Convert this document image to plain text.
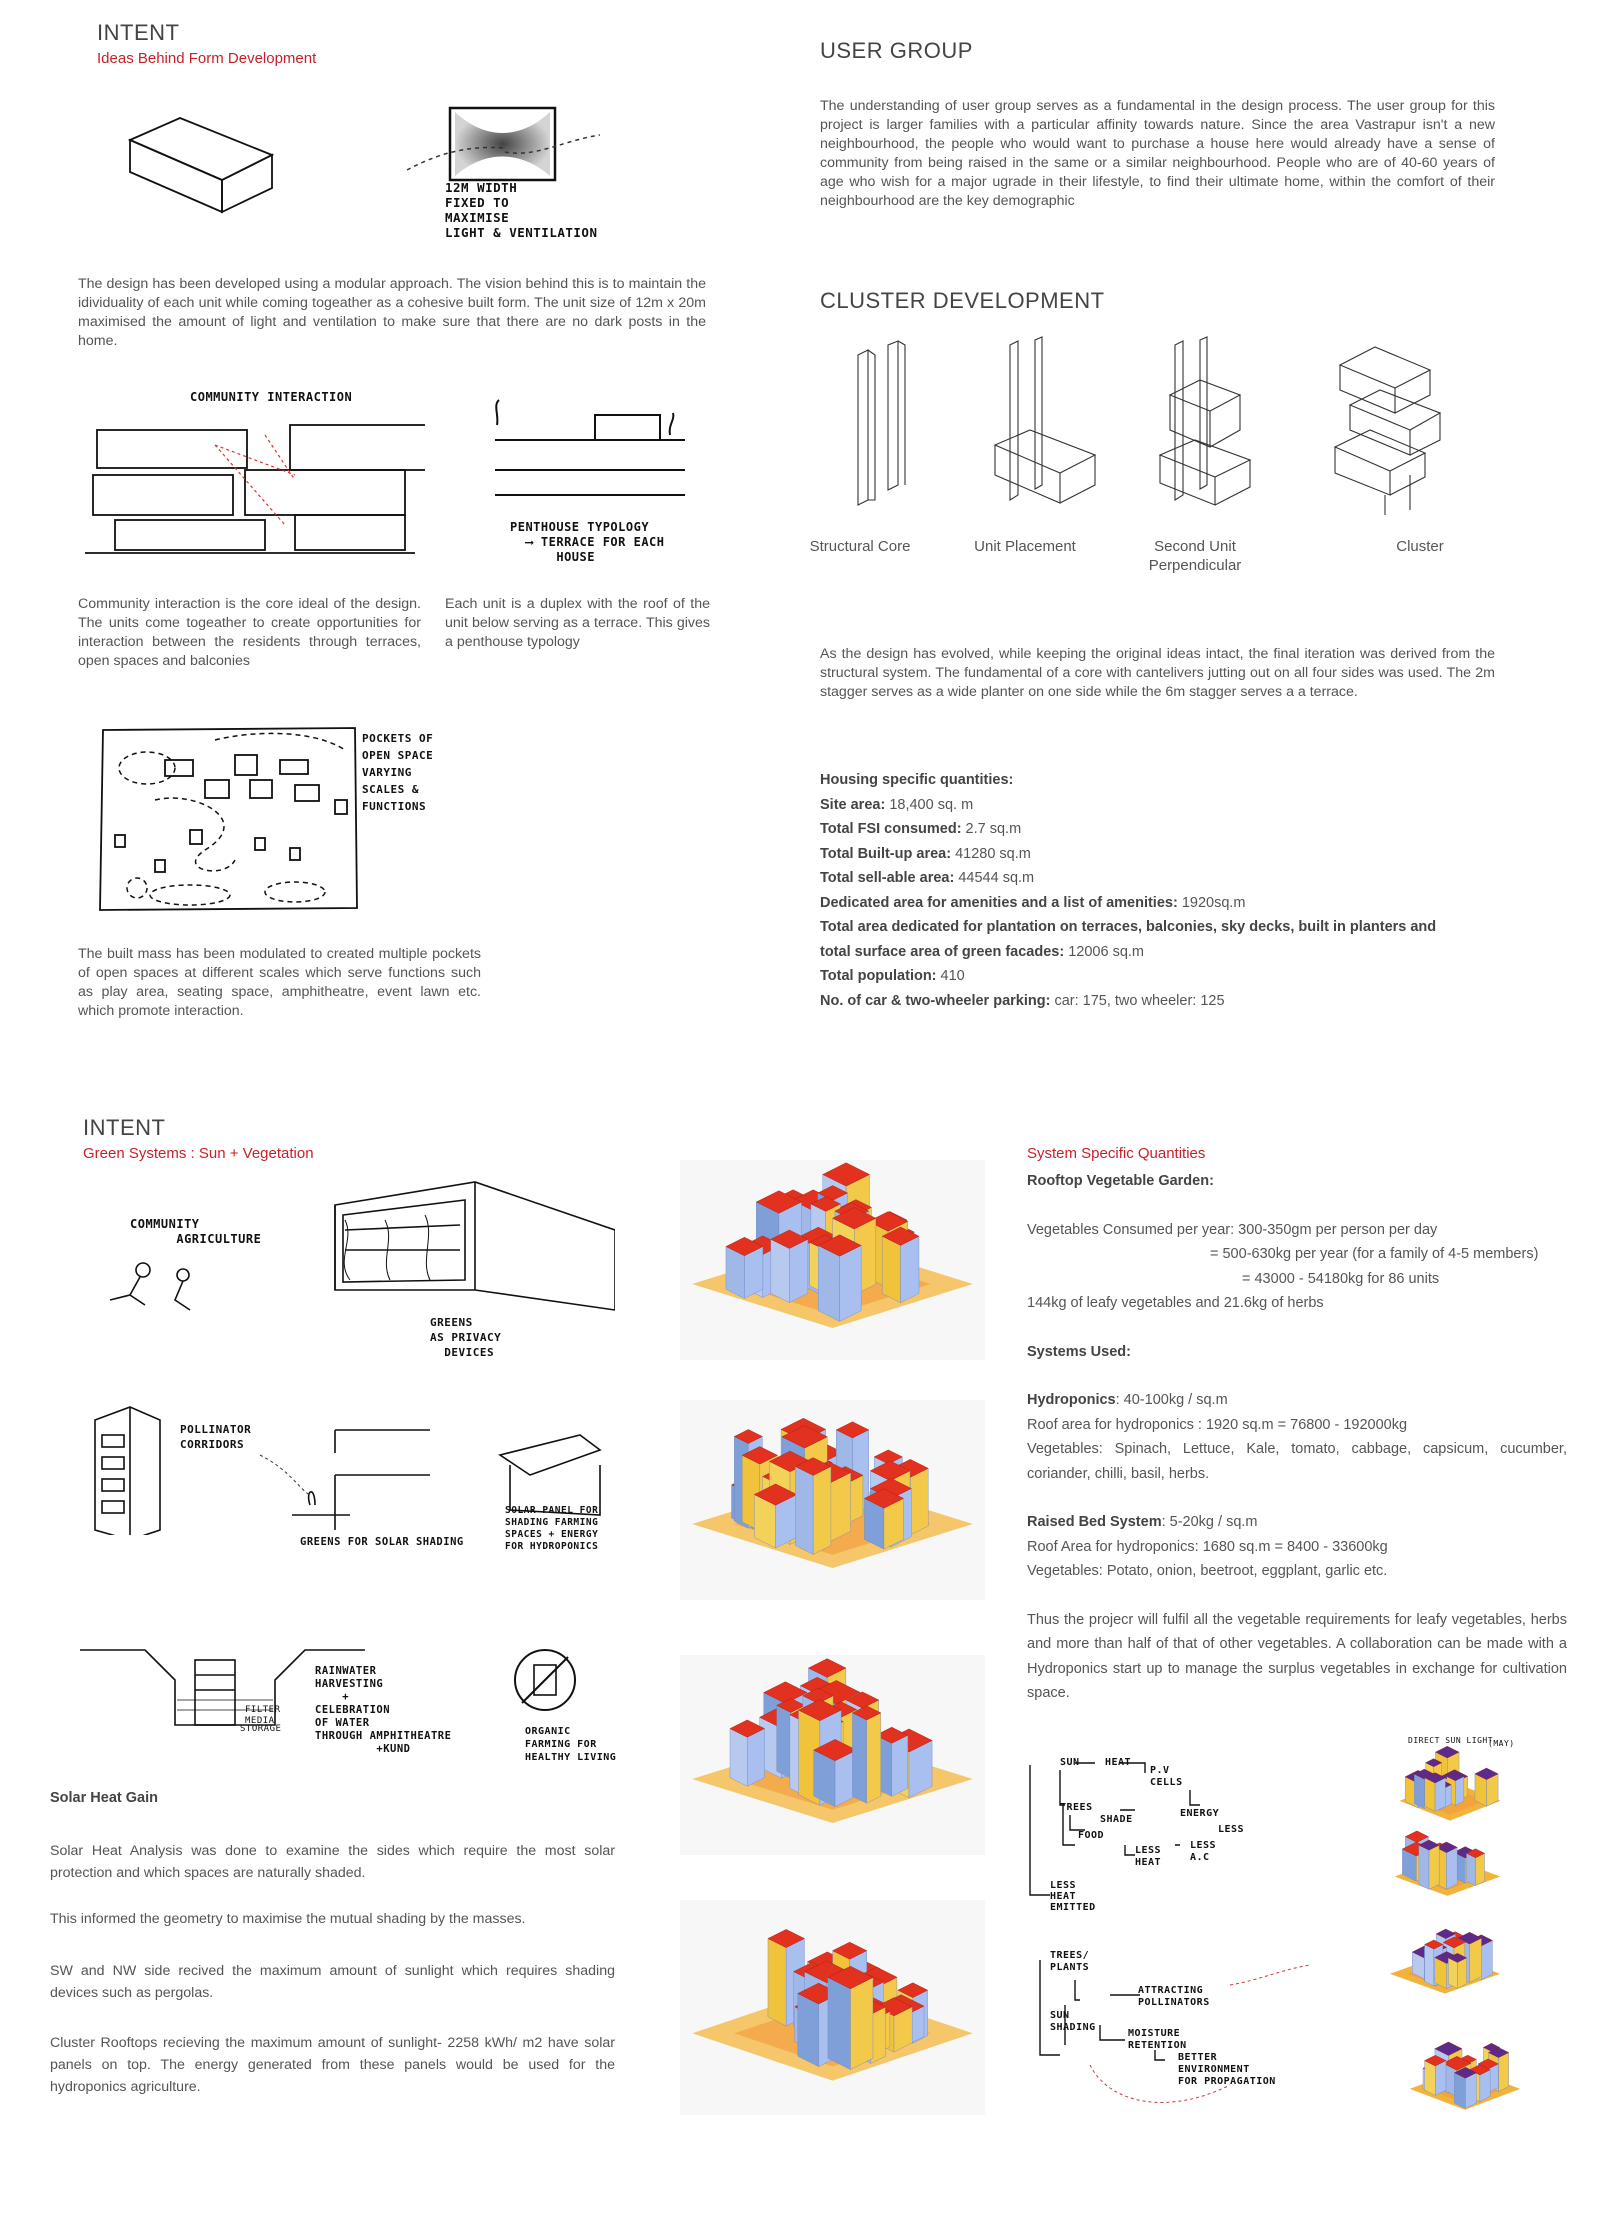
INTENT
Ideas Behind Form Development
12M WIDTH
FIXED TO
MAXIMISE
LIGHT & VENTILATION
The design has been developed using a modular approach. The vision behind this is to maintain the idividuality of each unit while coming togeather as a cohesive built form. The unit size of 12m x 20m maximised the amount of light and ventilation to make sure that there are no dark posts in the home.
COMMUNITY INTERACTION
PENTHOUSE TYPOLOGY
⟶ TERRACE FOR EACH
HOUSE
Community interaction is the core ideal of the design. The units come togeather to create opportunities for interaction between the residents through terraces, open spaces and balconies
Each unit is a duplex with the roof of the unit below serving as a terrace. This gives a penthouse typology
POCKETS OF
OPEN SPACE
VARYING
SCALES &
FUNCTIONS
The built mass has been modulated to created multiple pockets of open spaces at different scales which serve functions such as play area, seating space, amphitheatre, event lawn etc. which promote interaction.
USER GROUP
The understanding of user group serves as a fundamental in the design process. The user group for this project is larger families with a particular affinity towards nature. Since the area Vastrapur isn't a new neighbourhood, the people who would want to purchase a house here would already have a sense of community from being raised in the same or a similar neighbourhood. People who are of 40-60 years of age who wish for a major ugrade in their lifestyle, to find their ultimate home, within the comfort of their neighbourhood are the key demographic
CLUSTER DEVELOPMENT
Structural Core	Unit Placement	Second Unit
Perpendicular
Cluster
As the design has evolved, while keeping the original ideas intact, the final iteration was derived from the structural system. The fundamental of a core with cantelivers jutting out on all four sides was used. The 2m stagger serves as a wide planter on one side while the 6m stagger serves a a terrace.
Housing specific quantities:
Site area: 18,400 sq. m
Total FSI consumed: 2.7 sq.m
Total Built-up area: 41280 sq.m
Total sell-able area: 44544 sq.m
Dedicated area for amenities and a list of amenities: 1920sq.m
Total area dedicated for plantation on terraces, balconies, sky decks, built in planters and
total surface area of green facades: 12006 sq.m
Total population: 410
No. of car & two-wheeler parking: car: 175, two wheeler: 125
INTENT
Green Systems : Sun + Vegetation
COMMUNITY
AGRICULTURE
GREENS
AS PRIVACY
DEVICES
POLLINATOR
CORRIDORS
GREENS FOR SOLAR SHADING
SOLAR PANEL FOR
SHADING FARMING
SPACES + ENERGY
FOR HYDROPONICS
FILTER
MEDIA
STORAGE
RAINWATER
HARVESTING
+
CELEBRATION
OF WATER
THROUGH AMPHITHEATRE
+KUND
ORGANIC
FARMING FOR
HEALTHY LIVING
Solar Heat Gain
Solar Heat Analysis was done to examine the sides which require the most solar protection and which spaces are naturally shaded.
This informed the geometry to maximise the mutual shading by the masses.
SW and NW side recived the maximum amount of sunlight which requires shading devices such as pergolas.
Cluster Rooftops recieving the maximum amount of sunlight- 2258 kWh/ m2 have solar panels on top. The energy generated from these panels would be used for the hydroponics agriculture.
System Specific Quantities
Rooftop Vegetable Garden:
Vegetables Consumed per year: 300-350gm per person per day
= 500-630kg per year (for a family of 4-5 members)
= 43000 - 54180kg for 86 units
144kg of leafy vegetables and 21.6kg of herbs
Systems Used:
Hydroponics: 40-100kg / sq.m
Roof area for hydroponics : 1920 sq.m = 76800 - 192000kg
Vegetables: Spinach, Lettuce, Kale, tomato, cabbage, capsicum, cucumber, coriander, chilli, basil, herbs.
Raised Bed System: 5-20kg / sq.m
Roof Area for hydroponics: 1680 sq.m = 8400 - 33600kg
Vegetables: Potato, onion, beetroot, eggplant, garlic etc.
Thus the projecr will fulfil all the vegetable requirements for leafy vegetables, herbs and more than half of that of other vegetables. A collaboration can be made with a Hydroponics start up to manage the surplus vegetables in exchange for cultivation space.
SUN	HEAT
P.V
CELLS
TREES
SHADE
ENERGY
FOOD
LESS
LESS
HEAT
LESS
A.C
LESS
HEAT
EMITTED
TREES/
PLANTS
ATTRACTING
POLLINATORS
SUN
SHADING
MOISTURE
RETENTION
BETTER
ENVIRONMENT
FOR PROPAGATION
DIRECT SUN LIGHT
(MAY)
